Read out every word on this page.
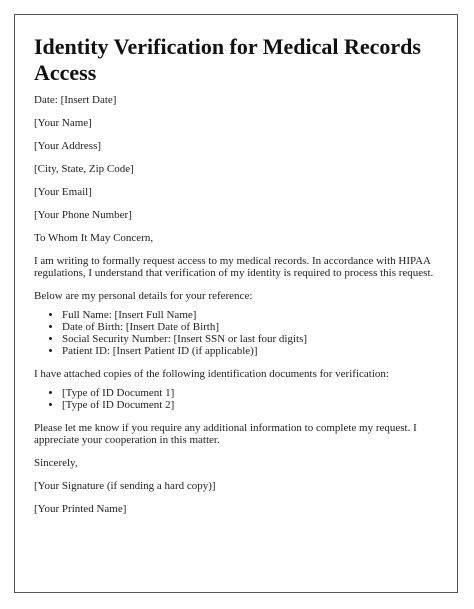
Identity Verification for Medical Records Access

Date: [Insert Date]

[Your Name]

[Your Address]

[City, State, Zip Code]

[Your Email]

[Your Phone Number]

To Whom It May Concern,

I am writing to formally request access to my medical records. In accordance with HIPAA regulations, I understand that verification of my identity is required to process this request.

Below are my personal details for your reference:

• Full Name: [Insert Full Name]
• Date of Birth: [Insert Date of Birth]
• Social Security Number: [Insert SSN or last four digits]
• Patient ID: [Insert Patient ID (if applicable)]

I have attached copies of the following identification documents for verification:

• [Type of ID Document 1]
• [Type of ID Document 2]

Please let me know if you require any additional information to complete my request. I appreciate your cooperation in this matter.

Sincerely,

[Your Signature (if sending a hard copy)]

[Your Printed Name]
